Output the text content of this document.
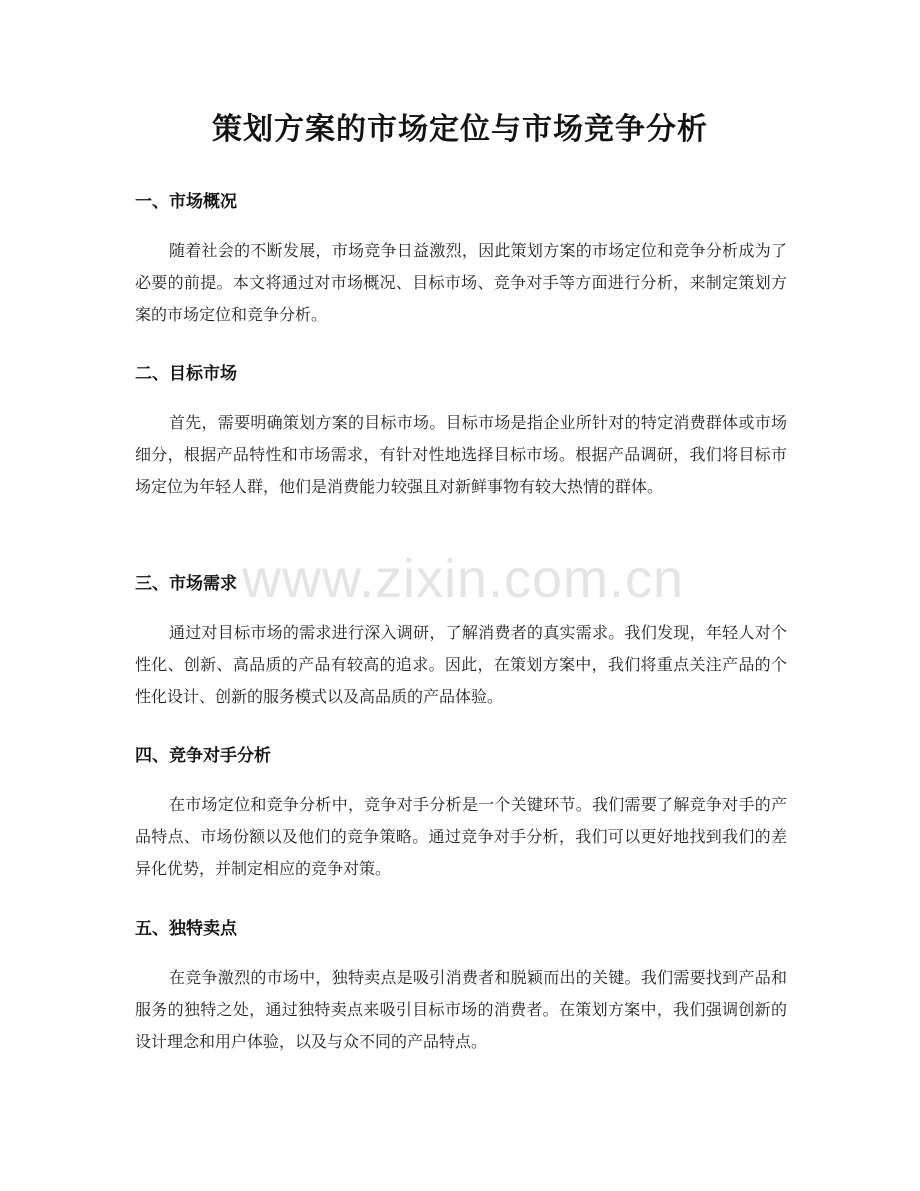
策划方案的市场定位与市场竞争分析
一、市场概况

随着社会的不断发展，市场竞争日益激烈，因此策划方案的市场定位和竞争分析成为了必要的前提。本文将通过对市场概况、目标市场、竞争对手等方面进行分析，来制定策划方案的市场定位和竞争分析。

二、目标市场

首先，需要明确策划方案的目标市场。目标市场是指企业所针对的特定消费群体或市场细分，根据产品特性和市场需求，有针对性地选择目标市场。根据产品调研，我们将目标市场定位为年轻人群，他们是消费能力较强且对新鲜事物有较大热情的群体。

三、市场需求

通过对目标市场的需求进行深入调研，了解消费者的真实需求。我们发现，年轻人对个性化、创新、高品质的产品有较高的追求。因此，在策划方案中，我们将重点关注产品的个性化设计、创新的服务模式以及高品质的产品体验。

四、竞争对手分析

在市场定位和竞争分析中，竞争对手分析是一个关键环节。我们需要了解竞争对手的产品特点、市场份额以及他们的竞争策略。通过竞争对手分析，我们可以更好地找到我们的差异化优势，并制定相应的竞争对策。

五、独特卖点

在竞争激烈的市场中，独特卖点是吸引消费者和脱颖而出的关键。我们需要找到产品和服务的独特之处，通过独特卖点来吸引目标市场的消费者。在策划方案中，我们强调创新的设计理念和用户体验，以及与众不同的产品特点。

www.zixin.com.cn
